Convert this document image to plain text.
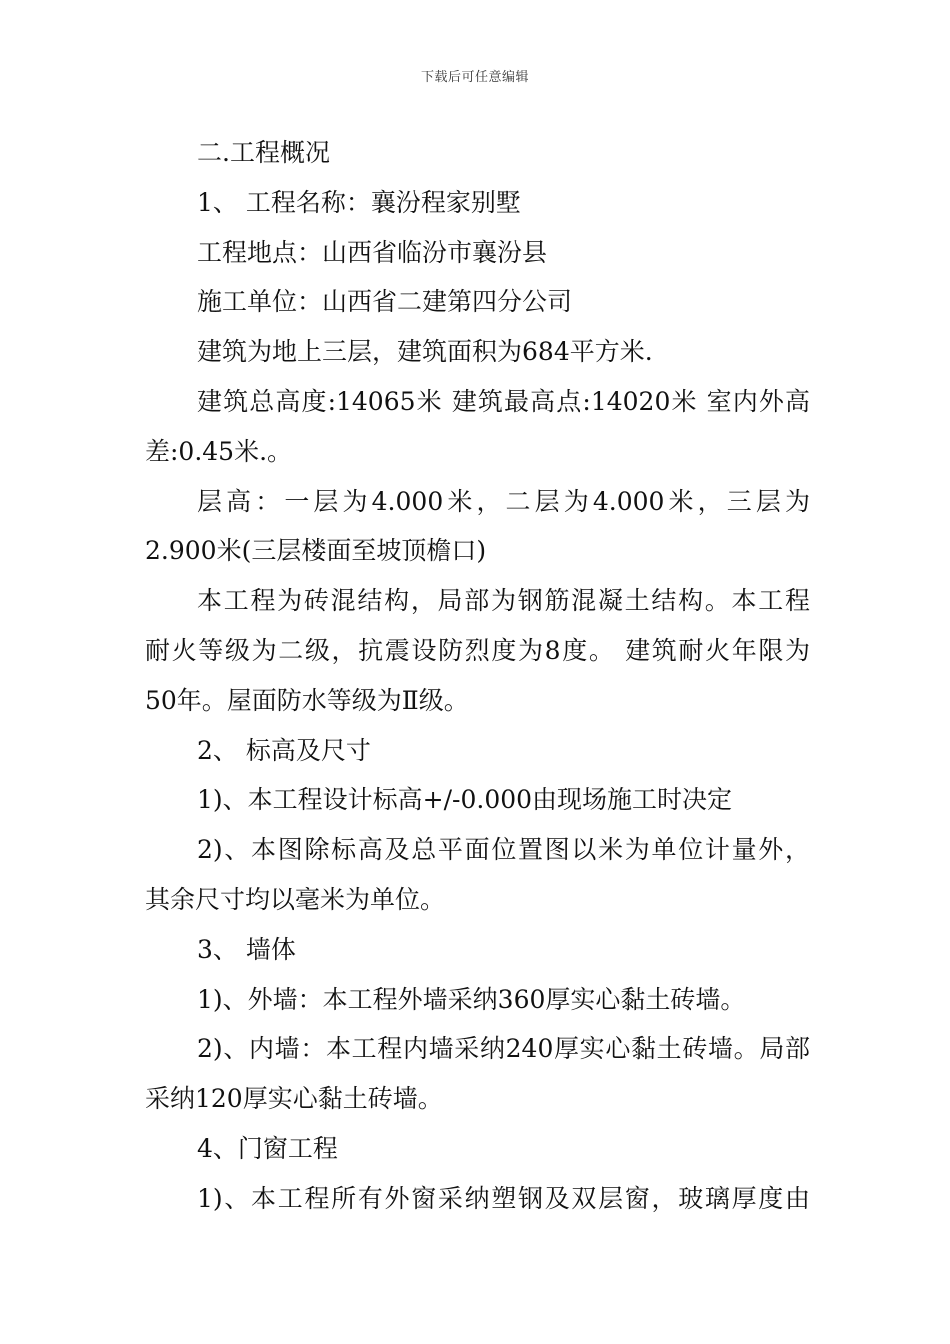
下载后可任意编辑
二.工程概况
1、 工程名称：襄汾程家别墅
工程地点：山西省临汾市襄汾县
施工单位：山西省二建第四分公司
建筑为地上三层，建筑面积为684平方米.
建筑总高度:14065米 建筑最高点:14020米 室内外高
差:0.45米.。
层高：一层为4.000米，二层为4.000米，三层为
2.900米(三层楼面至坡顶檐口)
本工程为砖混结构，局部为钢筋混凝土结构。本工程
耐火等级为二级，抗震设防烈度为8度。 建筑耐火年限为
50年。屋面防水等级为Ⅱ级。
2、 标高及尺寸
1)、本工程设计标高+/-0.000由现场施工时决定
2)、本图除标高及总平面位置图以米为单位计量外，
其余尺寸均以毫米为单位。
3、 墙体
1)、外墙：本工程外墙采纳360厚实心黏土砖墙。
2)、内墙：本工程内墙采纳240厚实心黏土砖墙。局部
采纳120厚实心黏土砖墙。
4、门窗工程
1)、本工程所有外窗采纳塑钢及双层窗，玻璃厚度由
